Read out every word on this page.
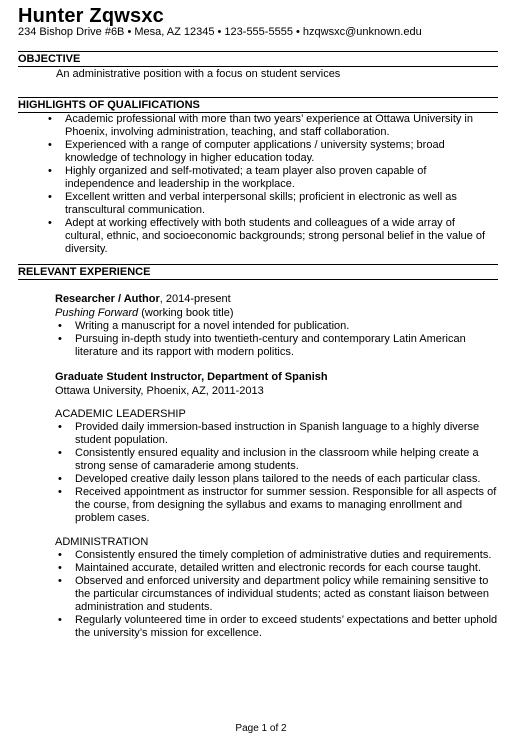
Hunter Zqwsxc
234 Bishop Drive #6B • Mesa, AZ 12345 • 123-555-5555 • hzqwsxc@unknown.edu
OBJECTIVE
An administrative position with a focus on student services
HIGHLIGHTS OF QUALIFICATIONS
• Academic professional with more than two years’ experience at Ottawa University in Phoenix, involving administration, teaching, and staff collaboration.
• Experienced with a range of computer applications / university systems; broad knowledge of technology in higher education today.
• Highly organized and self-motivated; a team player also proven capable of independence and leadership in the workplace.
• Excellent written and verbal interpersonal skills; proficient in electronic as well as transcultural communication.
• Adept at working effectively with both students and colleagues of a wide array of cultural, ethnic, and socioeconomic backgrounds; strong personal belief in the value of diversity.
RELEVANT EXPERIENCE
Researcher / Author, 2014-present
Pushing Forward (working book title)
• Writing a manuscript for a novel intended for publication.
• Pursuing in-depth study into twentieth-century and contemporary Latin American literature and its rapport with modern politics.
Graduate Student Instructor, Department of Spanish
Ottawa University, Phoenix, AZ, 2011-2013
ACADEMIC LEADERSHIP
• Provided daily immersion-based instruction in Spanish language to a highly diverse student population.
• Consistently ensured equality and inclusion in the classroom while helping create a strong sense of camaraderie among students.
• Developed creative daily lesson plans tailored to the needs of each particular class.
• Received appointment as instructor for summer session. Responsible for all aspects of the course, from designing the syllabus and exams to managing enrollment and problem cases.
ADMINISTRATION
• Consistently ensured the timely completion of administrative duties and requirements.
• Maintained accurate, detailed written and electronic records for each course taught.
• Observed and enforced university and department policy while remaining sensitive to the particular circumstances of individual students; acted as constant liaison between administration and students.
• Regularly volunteered time in order to exceed students’ expectations and better uphold the university’s mission for excellence.
Page 1 of 2
